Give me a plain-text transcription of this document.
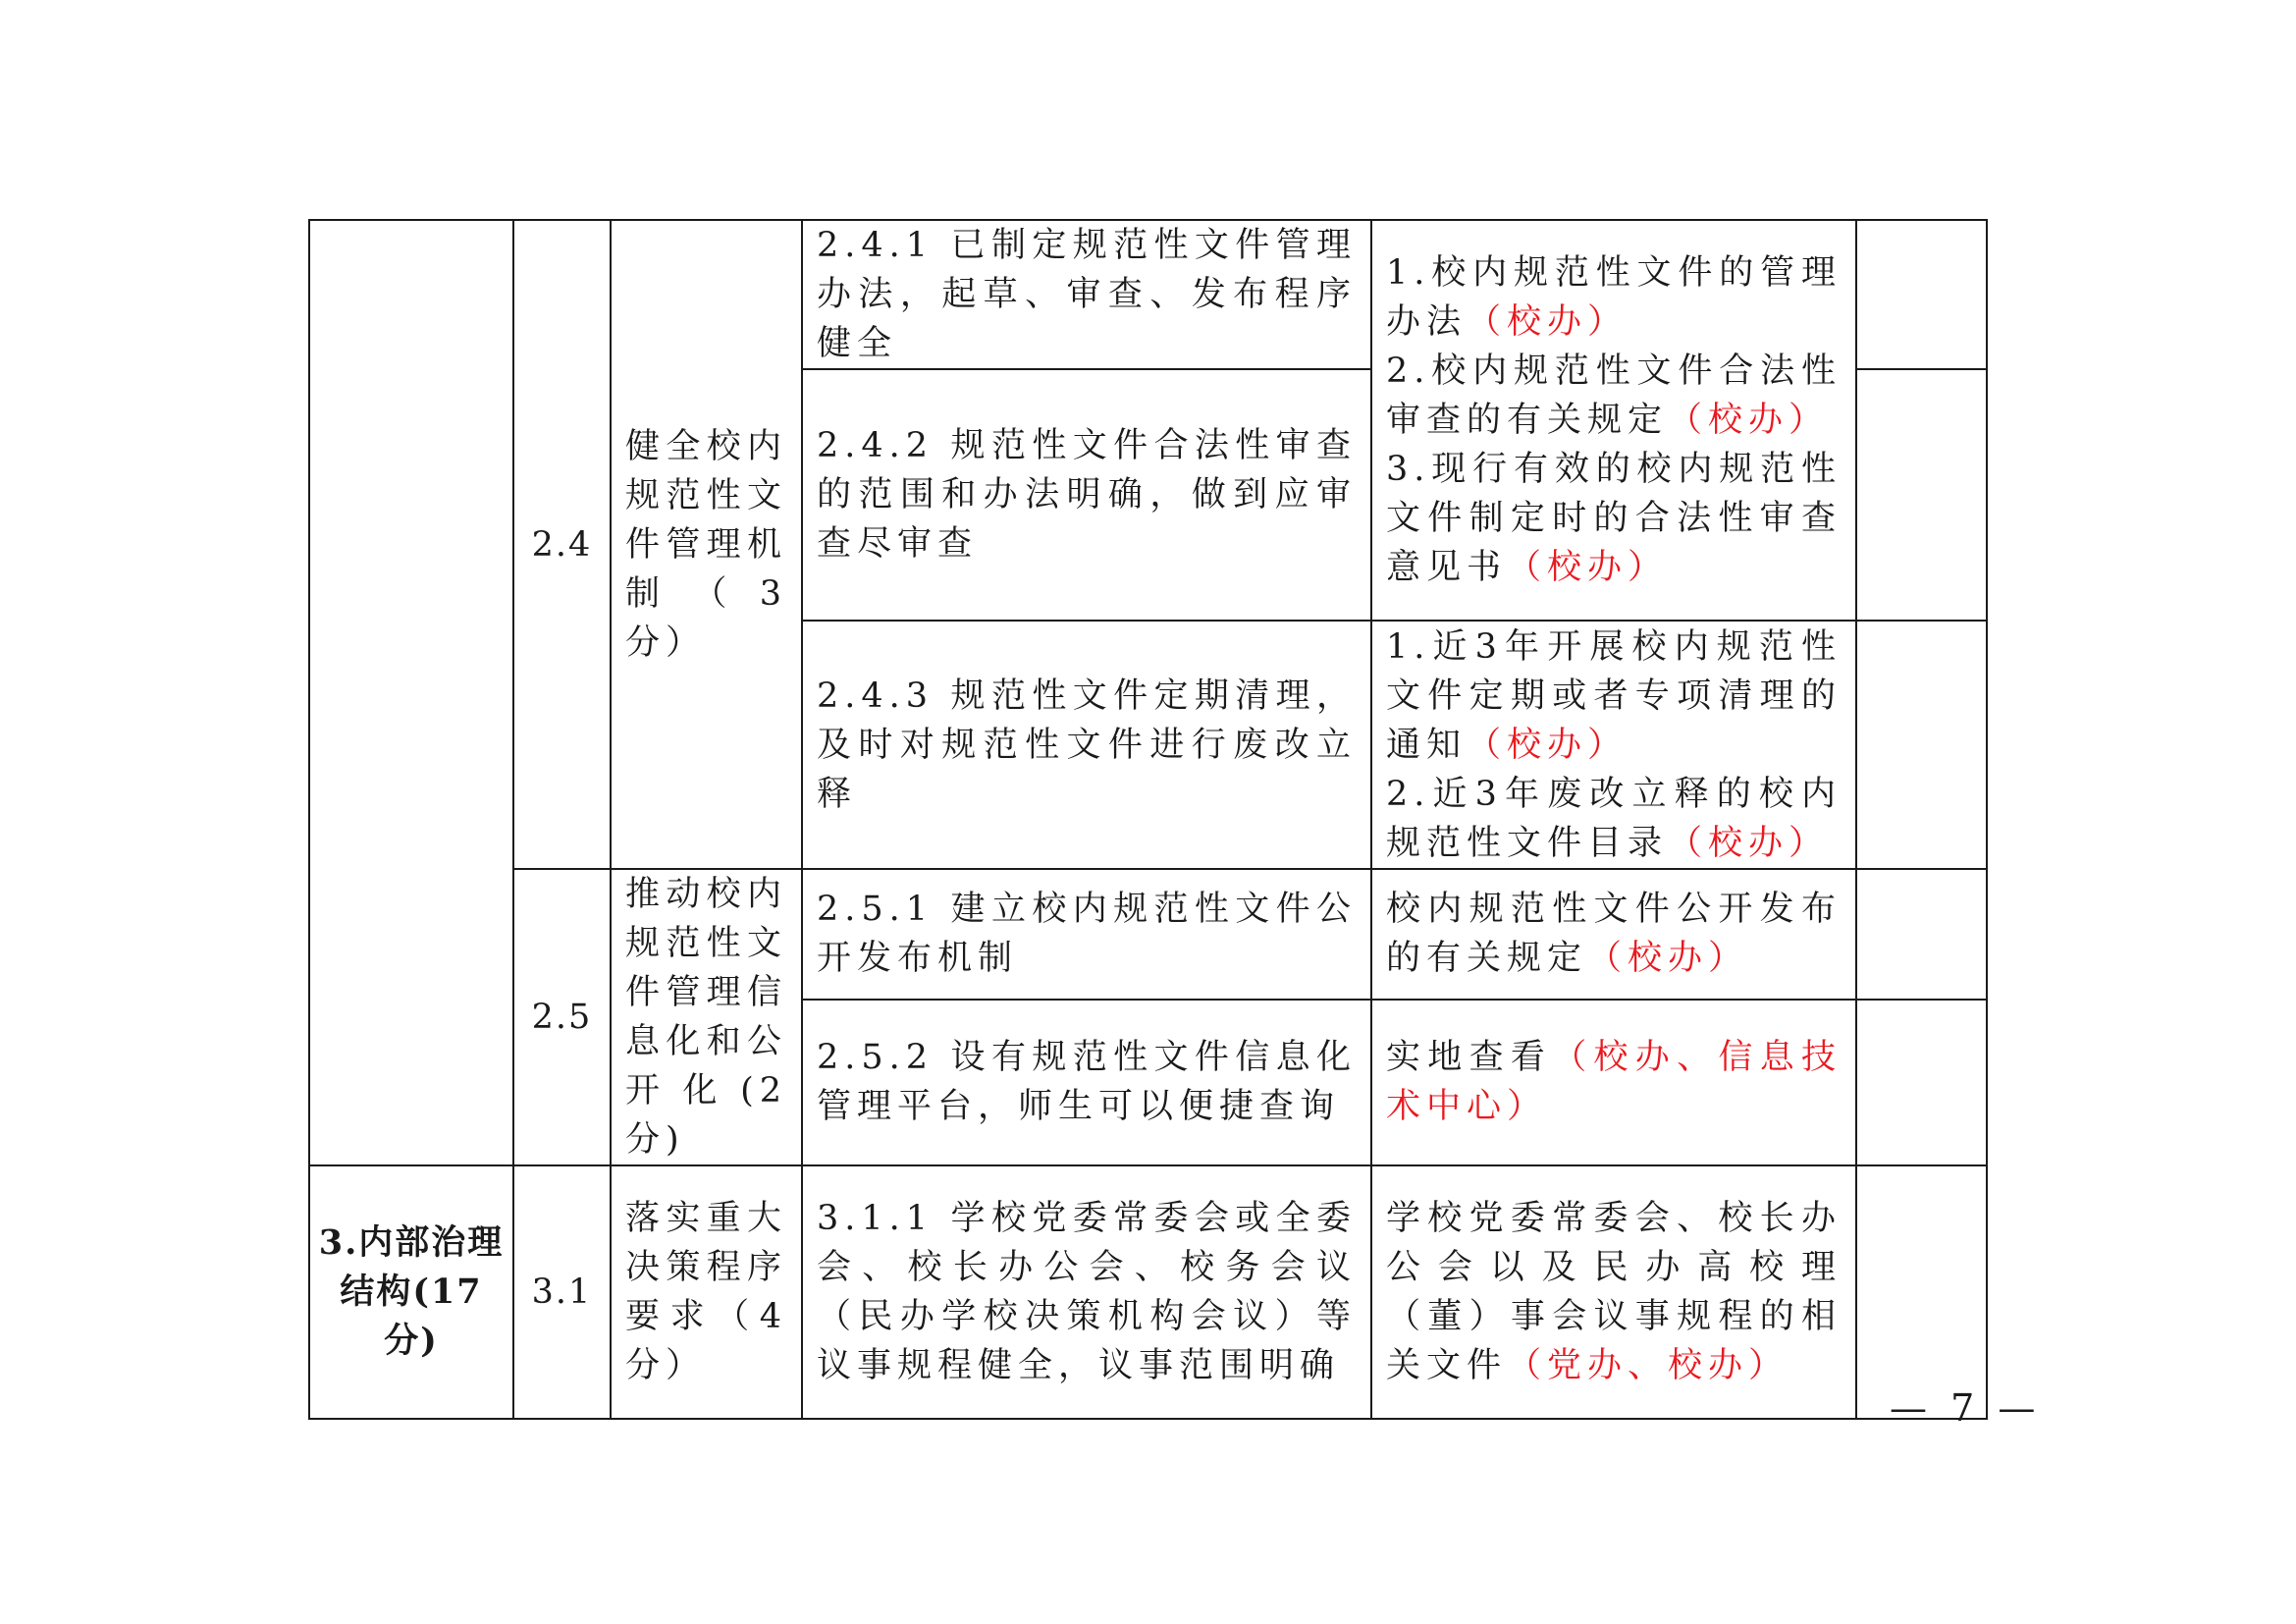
	2.4	健全校内规范性文件管理机制（3分）	2.4.1 已制定规范性文件管理办法，起草、审查、发布程序健全	1.校内规范性文件的管理办法（校办）
2.校内规范性文件合法性审查的有关规定（校办）
3.现行有效的校内规范性文件制定时的合法性审查意见书（校办）	

			2.4.2 规范性文件合法性审查的范围和办法明确，做到应审查尽审查		
			2.4.3 规范性文件定期清理，及时对规范性文件进行废改立释	1.近3年开展校内规范性文件定期或者专项清理的通知（校办）
2.近3年废改立释的校内规范性文件目录（校办）	

	2.5	推动校内规范性文件管理信息化和公开化(2分)	2.5.1 建立校内规范性文件公开发布机制	校内规范性文件公开发布的有关规定（校办）	
			2.5.2 设有规范性文件信息化管理平台，师生可以便捷查询	实地查看（校办、信息技术中心）	
3.内部治理结构(17分)	3.1	落实重大决策程序要求（4分）	3.1.1 学校党委常委会或全委会、校长办公会、校务会议（民办学校决策机构会议）等议事规程健全，议事范围明确	学校党委常委会、校长办公会以及民办高校理（董）事会议事规程的相关文件（党办、校办）	
— 7 —
